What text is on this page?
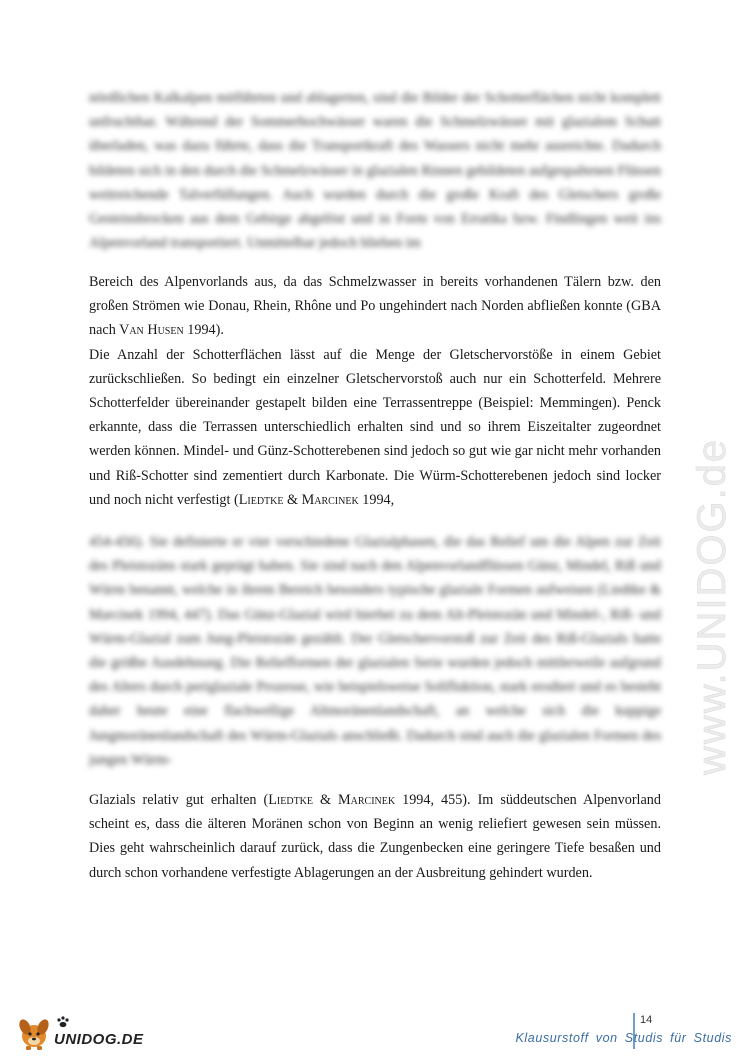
nördlichen Kalkalpen mitführten und ablagerten, sind die Bilder der Schotterflächen nicht komplett unfruchtbar. Während der Sommerhochwässer waren die Schmelzwässer mit glazialem Schutt überladen, was dazu führte, dass die Transportkraft des Wassers nicht mehr ausreichte. Dadurch bildeten sich in den durch die Schmelzwässer in glazialen Rinnen gebildeten aufgespaltenen Flüssen weitreichende Talverfüllungen. Auch wurden durch die große Kraft des Gletschers große Gesteinsbrocken aus dem Gebirge abgelöst und in Form von Erratika bzw. Findlingen weit ins Alpenvorland transportiert. Unmittelbar jedoch blieben im
Bereich des Alpenvorlands aus, da das Schmelzwasser in bereits vorhandenen Tälern bzw. den großen Strömen wie Donau, Rhein, Rhône und Po ungehindert nach Norden abfließen konnte (GBA nach Van Husen 1994).
Die Anzahl der Schotterflächen lässt auf die Menge der Gletschervorstöße in einem Gebiet zurückschließen. So bedingt ein einzelner Gletschervorstoß auch nur ein Schotterfeld. Mehrere Schotterfelder übereinander gestapelt bilden eine Terrassentreppe (Beispiel: Memmingen). Penck erkannte, dass die Terrassen unterschiedlich erhalten sind und so ihrem Eiszeitalter zugeordnet werden können. Mindel- und Günz-Schotterebenen sind jedoch so gut wie gar nicht mehr vorhanden und Riß-Schotter sind zementiert durch Karbonate. Die Würm-Schotterebenen jedoch sind locker und noch nicht verfestigt (Liedtke & Marcinek 1994,
454-456). Sie definierte er vier verschiedene Glazialphasen, die das Relief um die Alpen zur Zeit des Pleistozäns stark geprägt haben. Sie sind nach den Alpenvorlandflüssen Günz, Mindel, Riß und Würm benannt, welche in ihrem Bereich besonders typische glaziale Formen aufweisen (Liedtke & Marcinek 1994, 447). Das Günz-Glazial wird hierbei zu dem Alt-Pleistozän und Mindel-, Riß- und Würm-Glazial zum Jung-Pleistozän gezählt. Der Gletschervorstoß zur Zeit des Riß-Glazials hatte die größte Ausdehnung. Die Reliefformen der glazialen Serie wurden jedoch mittlerweile aufgrund des Alters durch periglaziale Prozesse, wie beispielsweise Solifluktion, stark erodiert und es besteht daher heute eine flachwellige Altmoränenlandschaft, an welche sich die kuppige Jungmoränenlandschaft des Würm-Glazials anschließt. Dadurch sind auch die glazialen Formen des jungen Würm-
Glazials relativ gut erhalten (Liedtke & Marcinek 1994, 455). Im süddeutschen Alpenvorland scheint es, dass die älteren Moränen schon von Beginn an wenig reliefiert gewesen sein müssen. Dies geht wahrscheinlich darauf zurück, dass die Zungenbecken eine geringere Tiefe besaßen und durch schon vorhandene verfestigte Ablagerungen an der Ausbreitung gehindert wurden.
www.UNIDOG.de
UNIDOG.DE
14
Klausurstoff von Studis für Studis
